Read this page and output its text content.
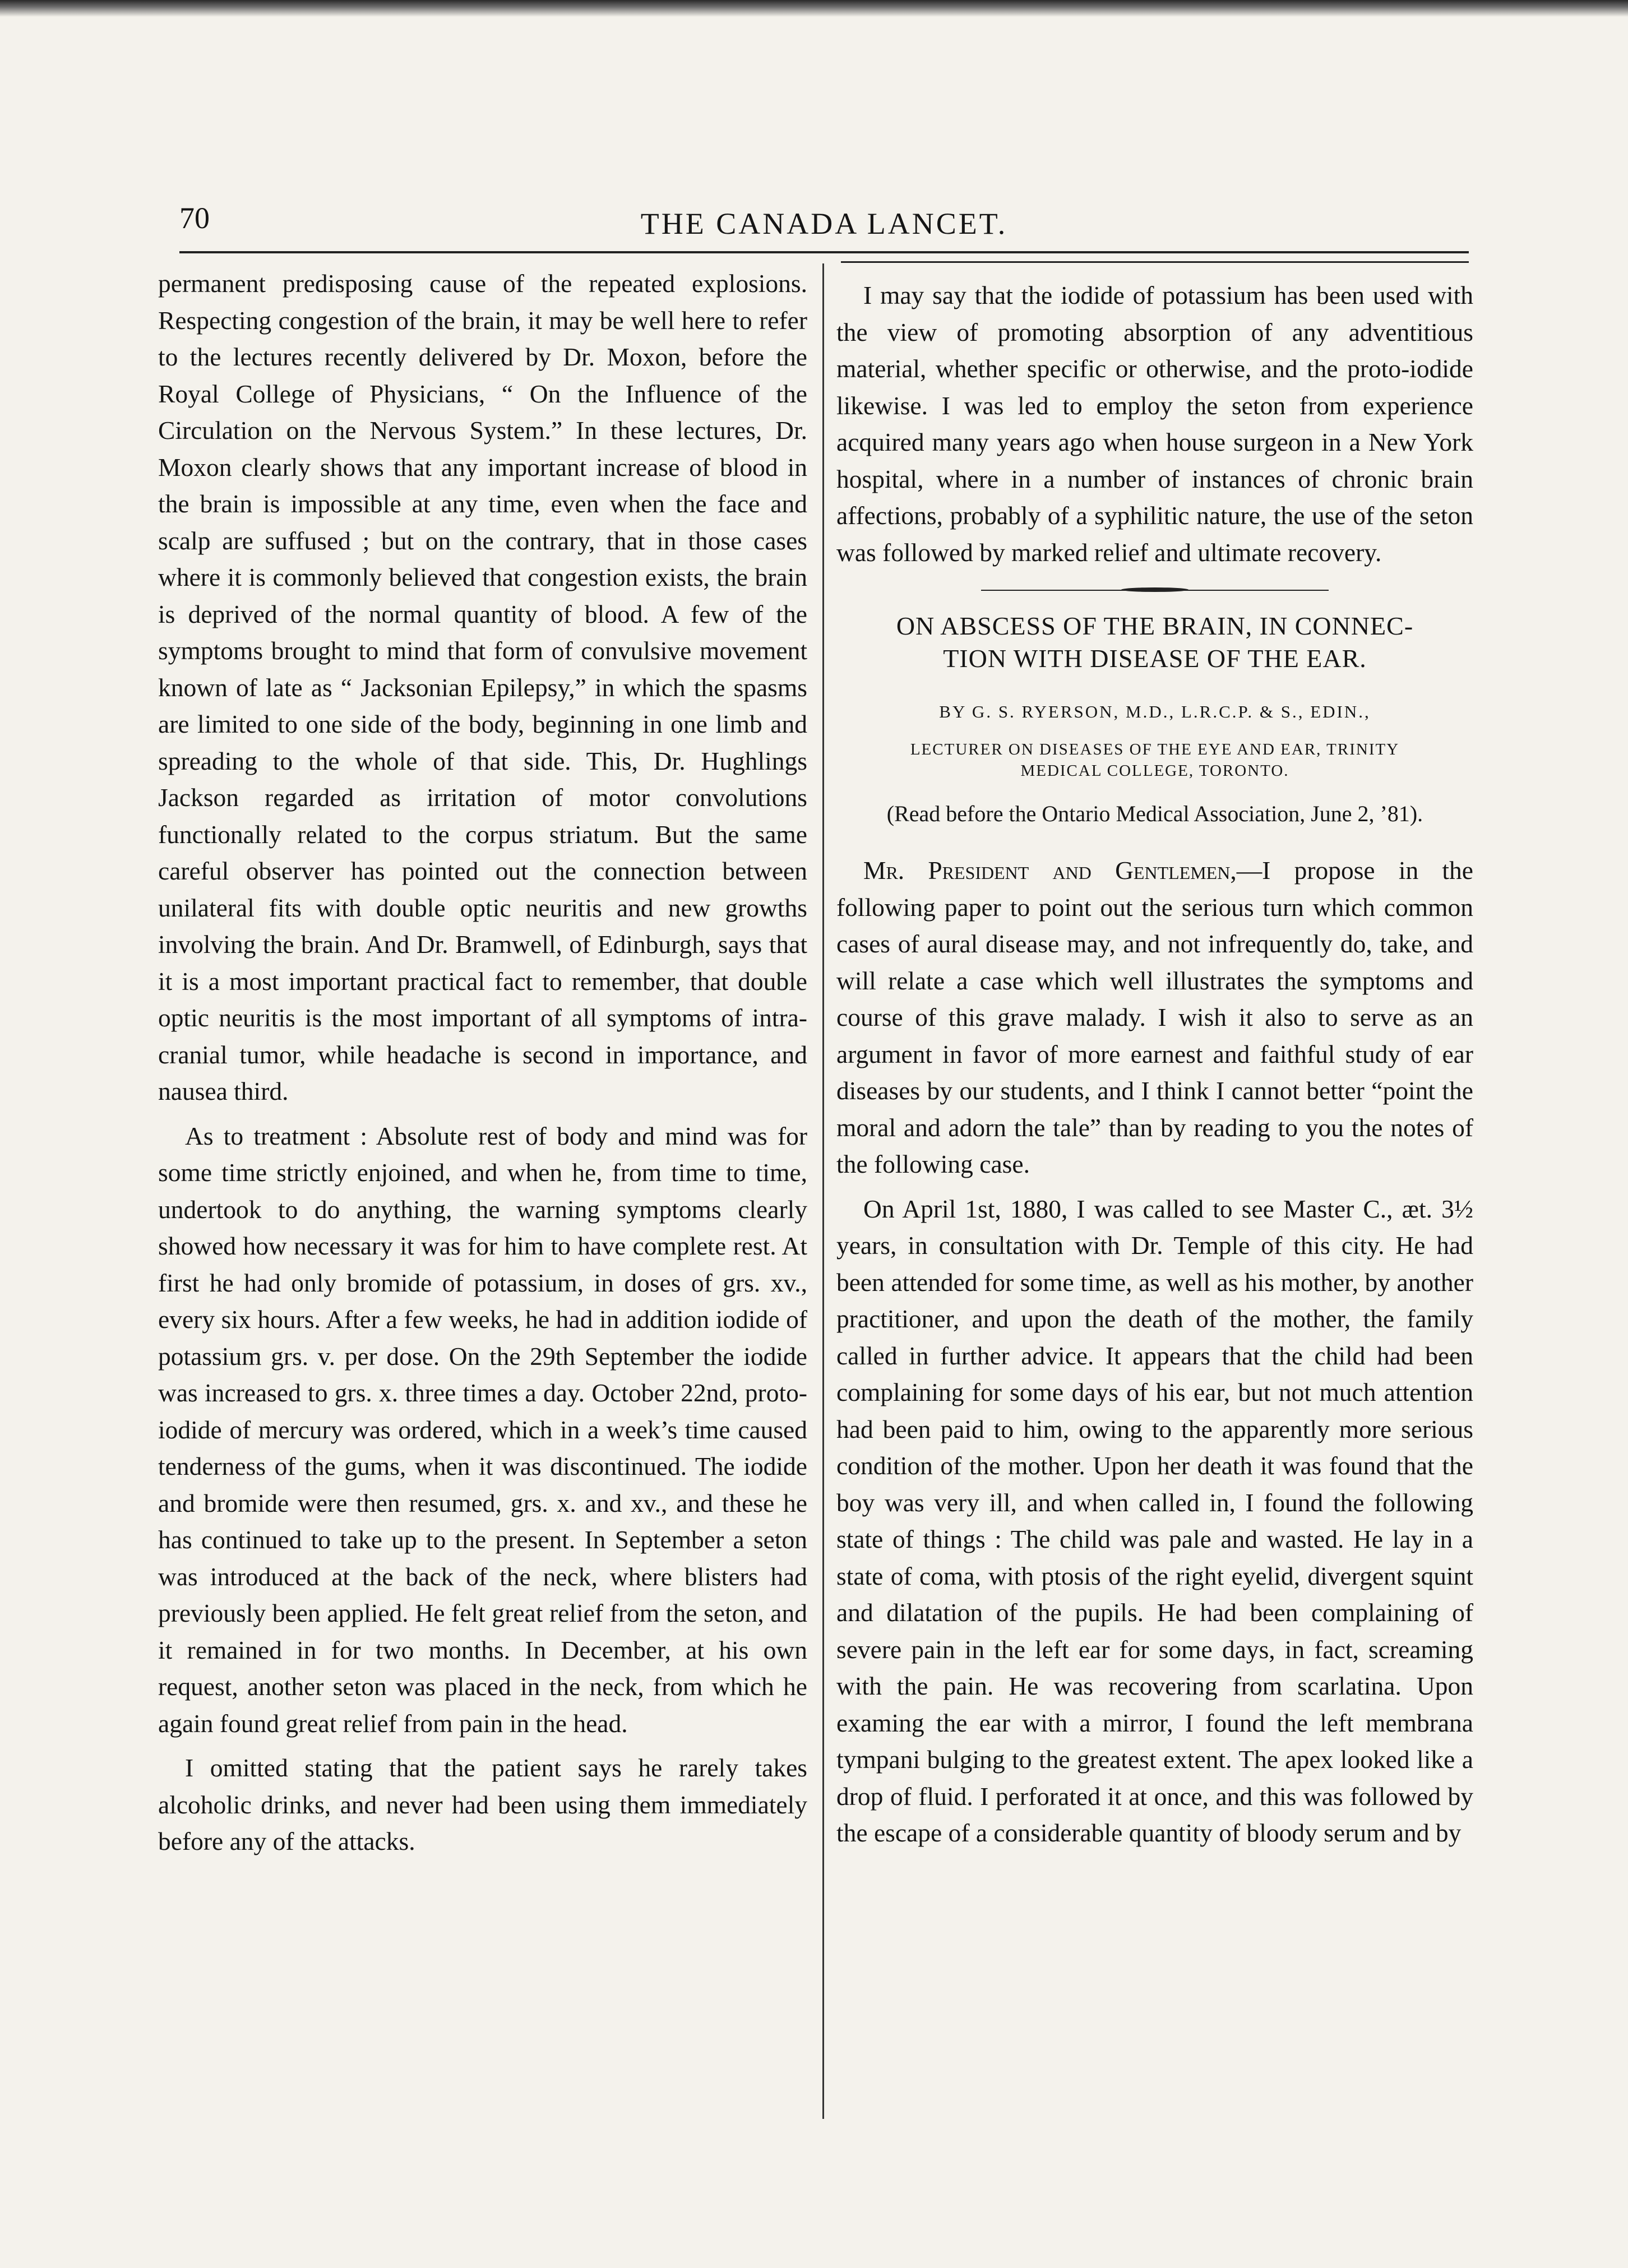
70	THE CANADA LANCET.

permanent predisposing cause of the repeated explosions. Respecting congestion of the brain, it may be well here to refer to the lectures recently delivered by Dr. Moxon, before the Royal College of Physicians, “ On the Influence of the Circulation on the Nervous System.” In these lectures, Dr. Moxon clearly shows that any important increase of blood in the brain is impossible at any time, even when the face and scalp are suffused ; but on the contrary, that in those cases where it is commonly believed that congestion exists, the brain is deprived of the normal quantity of blood. A few of the symptoms brought to mind that form of convulsive movement known of late as “ Jacksonian Epilepsy,” in which the spasms are limited to one side of the body, beginning in one limb and spreading to the whole of that side. This, Dr. Hughlings Jackson regarded as irritation of motor convolutions functionally related to the corpus striatum. But the same careful observer has pointed out the connection between unilateral fits with double optic neuritis and new growths involving the brain. And Dr. Bramwell, of Edinburgh, says that it is a most important practical fact to remember, that double optic neuritis is the most important of all symptoms of intra-cranial tumor, while headache is second in importance, and nausea third.

As to treatment : Absolute rest of body and mind was for some time strictly enjoined, and when he, from time to time, undertook to do anything, the warning symptoms clearly showed how necessary it was for him to have complete rest. At first he had only bromide of potassium, in doses of grs. xv., every six hours. After a few weeks, he had in addition iodide of potassium grs. v. per dose. On the 29th September the iodide was increased to grs. x. three times a day. October 22nd, proto-iodide of mercury was ordered, which in a week’s time caused tenderness of the gums, when it was discontinued. The iodide and bromide were then resumed, grs. x. and xv., and these he has continued to take up to the present. In September a seton was introduced at the back of the neck, where blisters had previously been applied. He felt great relief from the seton, and it remained in for two months. In December, at his own request, another seton was placed in the neck, from which he again found great relief from pain in the head.

I omitted stating that the patient says he rarely takes alcoholic drinks, and never had been using them immediately before any of the attacks.

I may say that the iodide of potassium has been used with the view of promoting absorption of any adventitious material, whether specific or otherwise, and the proto-iodide likewise. I was led to employ the seton from experience acquired many years ago when house surgeon in a New York hospital, where in a number of instances of chronic brain affections, probably of a syphilitic nature, the use of the seton was followed by marked relief and ultimate recovery.

ON ABSCESS OF THE BRAIN, IN CONNEC-
TION WITH DISEASE OF THE EAR.
BY G. S. RYERSON, M.D., L.R.C.P. & S., EDIN.,
LECTURER ON DISEASES OF THE EYE AND EAR, TRINITY
MEDICAL COLLEGE, TORONTO.
(Read before the Ontario Medical Association, June 2, ’81).

Mr. President and Gentlemen,—I propose in the following paper to point out the serious turn which common cases of aural disease may, and not infrequently do, take, and will relate a case which well illustrates the symptoms and course of this grave malady. I wish it also to serve as an argument in favor of more earnest and faithful study of ear diseases by our students, and I think I cannot better “point the moral and adorn the tale” than by reading to you the notes of the following case.

On April 1st, 1880, I was called to see Master C., æt. 3½ years, in consultation with Dr. Temple of this city. He had been attended for some time, as well as his mother, by another practitioner, and upon the death of the mother, the family called in further advice. It appears that the child had been complaining for some days of his ear, but not much attention had been paid to him, owing to the apparently more serious condition of the mother. Upon her death it was found that the boy was very ill, and when called in, I found the following state of things : The child was pale and wasted. He lay in a state of coma, with ptosis of the right eyelid, divergent squint and dilatation of the pupils. He had been complaining of severe pain in the left ear for some days, in fact, screaming with the pain. He was recovering from scarlatina. Upon examing the ear with a mirror, I found the left membrana tympani bulging to the greatest extent. The apex looked like a drop of fluid. I perforated it at once, and this was followed by the escape of a considerable quantity of bloody serum and by
